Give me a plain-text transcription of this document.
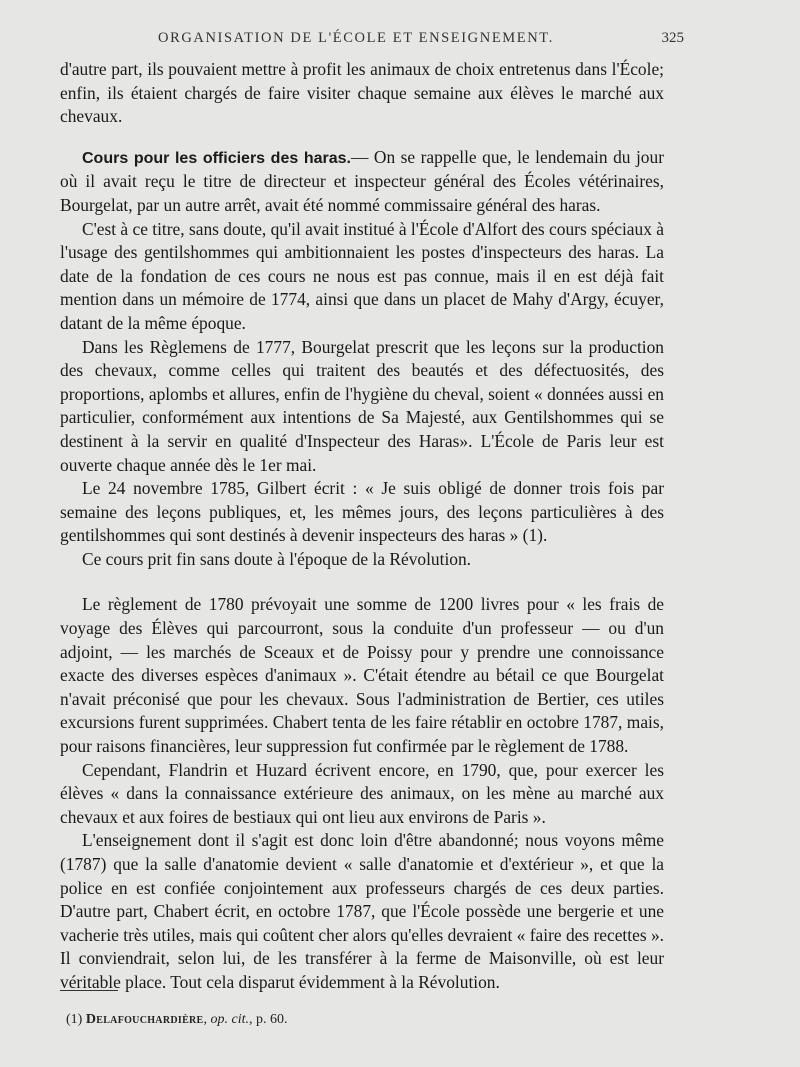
ORGANISATION DE L'ÉCOLE ET ENSEIGNEMENT.	325

d'autre part, ils pouvaient mettre à profit les animaux de choix entretenus dans l'École; enfin, ils étaient chargés de faire visiter chaque semaine aux élèves le marché aux chevaux.

Cours pour les officiers des haras.— On se rappelle que, le lendemain du jour où il avait reçu le titre de directeur et inspecteur général des Écoles vétérinaires, Bourgelat, par un autre arrêt, avait été nommé commissaire général des haras.

C'est à ce titre, sans doute, qu'il avait institué à l'École d'Alfort des cours spéciaux à l'usage des gentilshommes qui ambitionnaient les postes d'inspecteurs des haras. La date de la fondation de ces cours ne nous est pas connue, mais il en est déjà fait mention dans un mémoire de 1774, ainsi que dans un placet de Mahy d'Argy, écuyer, datant de la même époque.

Dans les Règlemens de 1777, Bourgelat prescrit que les leçons sur la production des chevaux, comme celles qui traitent des beautés et des défectuosités, des proportions, aplombs et allures, enfin de l'hygiène du cheval, soient « données aussi en particulier, conformément aux intentions de Sa Majesté, aux Gentilshommes qui se destinent à la servir en qualité d'Inspecteur des Haras». L'École de Paris leur est ouverte chaque année dès le 1er mai.

Le 24 novembre 1785, Gilbert écrit : « Je suis obligé de donner trois fois par semaine des leçons publiques, et, les mêmes jours, des leçons particulières à des gentilshommes qui sont destinés à devenir inspecteurs des haras » (1).

Ce cours prit fin sans doute à l'époque de la Révolution.

Le règlement de 1780 prévoyait une somme de 1200 livres pour « les frais de voyage des Élèves qui parcourront, sous la conduite d'un professeur — ou d'un adjoint, — les marchés de Sceaux et de Poissy pour y prendre une connoissance exacte des diverses espèces d'animaux ». C'était étendre au bétail ce que Bourgelat n'avait préconisé que pour les chevaux. Sous l'administration de Bertier, ces utiles excursions furent supprimées. Chabert tenta de les faire rétablir en octobre 1787, mais, pour raisons financières, leur suppression fut confirmée par le règlement de 1788.

Cependant, Flandrin et Huzard écrivent encore, en 1790, que, pour exercer les élèves « dans la connaissance extérieure des animaux, on les mène au marché aux chevaux et aux foires de bestiaux qui ont lieu aux environs de Paris ».

L'enseignement dont il s'agit est donc loin d'être abandonné; nous voyons même (1787) que la salle d'anatomie devient « salle d'anatomie et d'extérieur », et que la police en est confiée conjointement aux professeurs chargés de ces deux parties. D'autre part, Chabert écrit, en octobre 1787, que l'École possède une bergerie et une vacherie très utiles, mais qui coûtent cher alors qu'elles devraient « faire des recettes ». Il conviendrait, selon lui, de les transférer à la ferme de Maisonville, où est leur véritable place. Tout cela disparut évidemment à la Révolution.

(1) Delafouchardière, op. cit., p. 60.
